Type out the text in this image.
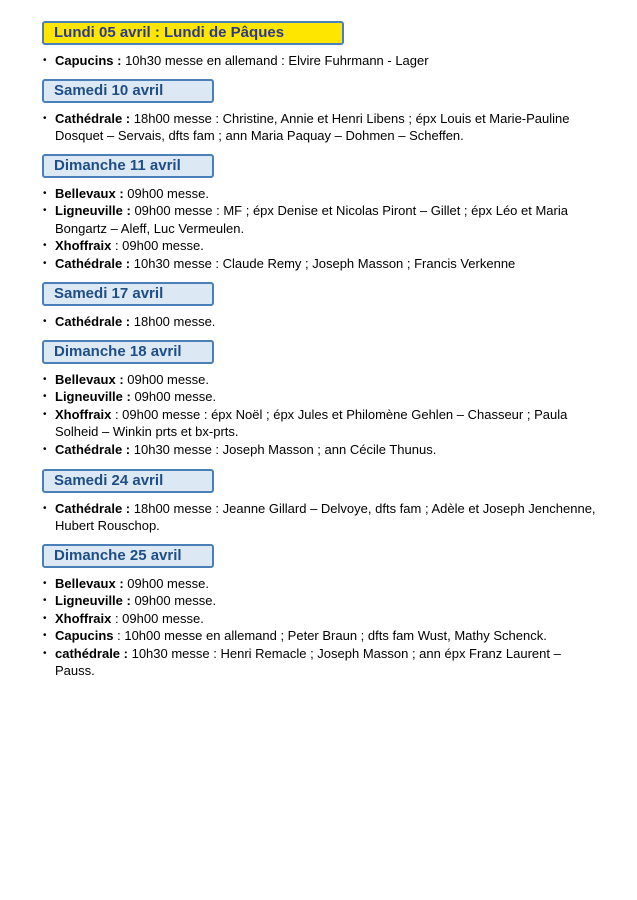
Lundi 05 avril : Lundi de Pâques
• Capucins : 10h30 messe en allemand : Elvire Fuhrmann - Lager
Samedi 10 avril
• Cathédrale : 18h00 messe : Christine, Annie et Henri Libens ; épx Louis et Marie-Pauline Dosquet – Servais, dfts fam ; ann Maria Paquay – Dohmen – Scheffen.
Dimanche 11 avril
• Bellevaux : 09h00 messe.
• Ligneuville : 09h00 messe : MF ; épx Denise et Nicolas Piront – Gillet ; épx Léo et Maria Bongartz – Aleff, Luc Vermeulen.
• Xhoffraix : 09h00 messe.
• Cathédrale : 10h30 messe : Claude Remy ; Joseph Masson ; Francis Verkenne
Samedi 17 avril
• Cathédrale : 18h00 messe.
Dimanche 18 avril
• Bellevaux : 09h00 messe.
• Ligneuville : 09h00 messe.
• Xhoffraix : 09h00 messe : épx Noël ; épx Jules et Philomène Gehlen – Chasseur ; Paula Solheid – Winkin prts et bx-prts.
• Cathédrale : 10h30 messe : Joseph Masson ; ann Cécile Thunus.
Samedi 24 avril
• Cathédrale : 18h00 messe : Jeanne Gillard – Delvoye, dfts fam ; Adèle et Joseph Jenchenne, Hubert Rouschop.
Dimanche 25 avril
• Bellevaux : 09h00 messe.
• Ligneuville : 09h00 messe.
• Xhoffraix : 09h00 messe.
• Capucins : 10h00 messe en allemand ; Peter Braun ; dfts fam Wust, Mathy Schenck.
• cathédrale : 10h30 messe : Henri Remacle ; Joseph Masson ; ann épx Franz Laurent – Pauss.
